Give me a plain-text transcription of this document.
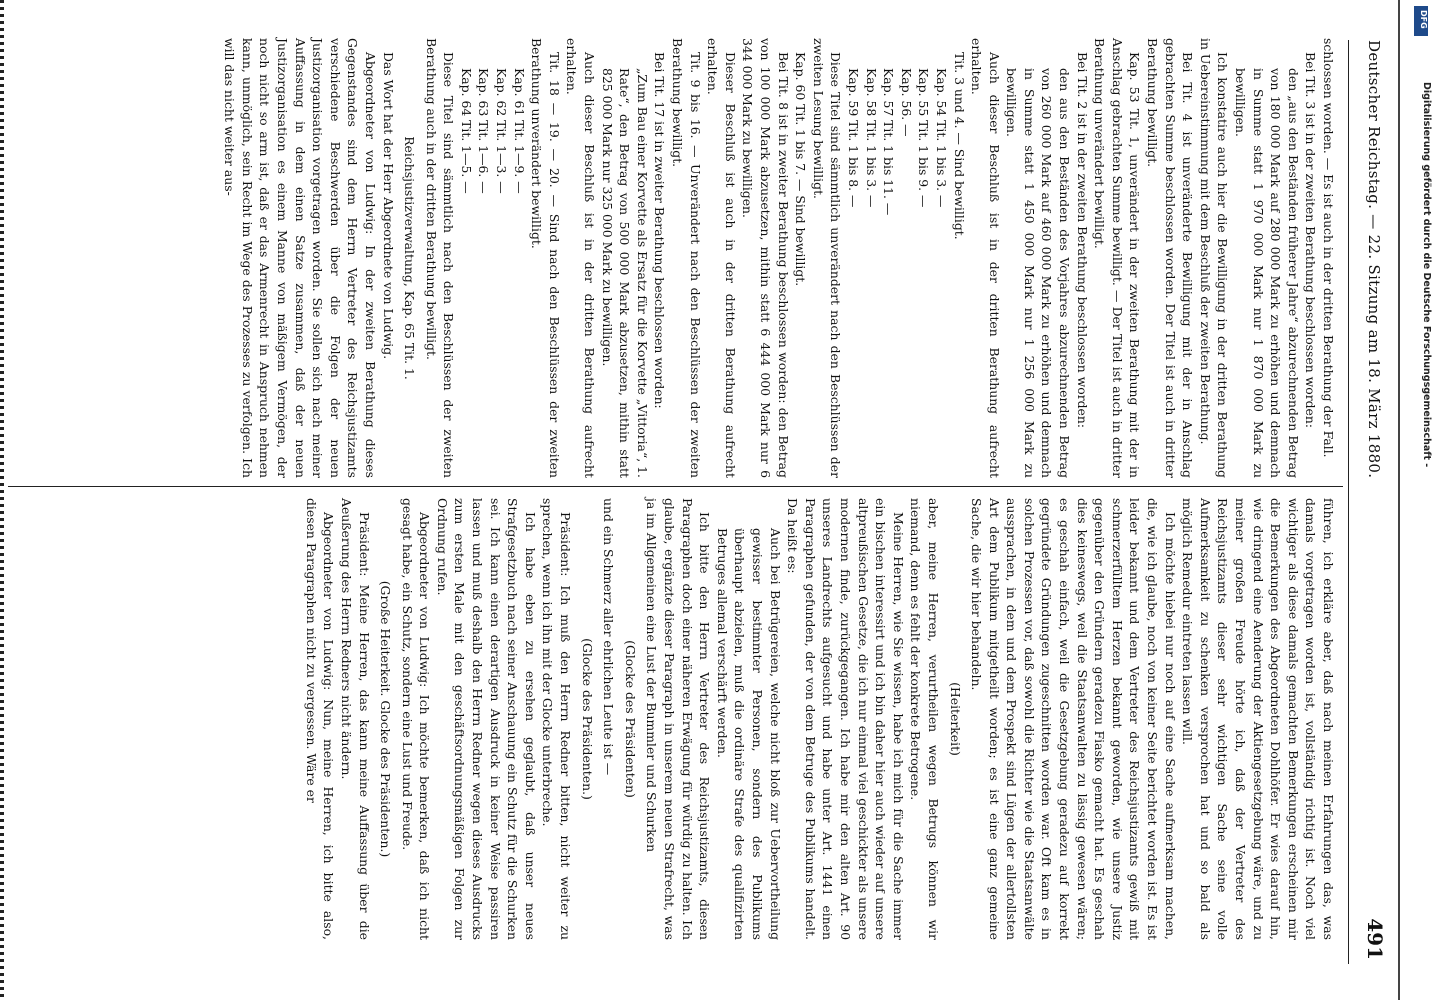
Deutscher Reichstag. — 22. Sitzung am 18. März 1880.
491

schlossen worden. — Es ist auch in der dritten Berathung der Fall.

Bei Tit. 3 ist in der zweiten Berathung beschlossen worden:

den „aus den Beständen früherer Jahre“ abzurechnenden Betrag von 180 000 Mark auf 280 000 Mark zu erhöhen und demnach in Summe statt 1 970 000 Mark nur 1 870 000 Mark zu bewilligen.

Ich konstatire auch hier die Bewilligung in der dritten Berathung in Uebereinstimmung mit dem Beschluß der zweiten Berathung.

Bei Tit. 4 ist unveränderte Bewilligung mit der in Anschlag gebrachten Summe beschlossen worden. Der Titel ist auch in dritter Berathung bewilligt.

Kap. 53 Tit. 1, unverändert in der zweiten Berathung mit der in Anschlag gebrachten Summe bewilligt. — Der Titel ist auch in dritter Berathung unverändert bewilligt.

Bei Tit. 2 ist in der zweiten Berathung beschlossen worden:

den aus den Beständen des Vorjahres abzurechnenden Betrag von 260 000 Mark auf 460 000 Mark zu erhöhen und demnach in Summe statt 1 450 000 Mark nur 1 256 000 Mark zu bewilligen.

Auch dieser Beschluß ist in der dritten Berathung aufrecht erhalten.

Tit. 3 und 4. — Sind bewilligt.

Kap. 54 Tit. 1 bis 3. —

Kap. 55 Tit. 1 bis 9. —

Kap. 56. —

Kap. 57 Tit. 1 bis 11. —

Kap. 58 Tit. 1 bis 3. —

Kap. 59 Tit. 1 bis 8. —

Diese Titel sind sämmtlich unverändert nach den Beschlüssen der zweiten Lesung bewilligt.

Kap. 60 Tit. 1 bis 7. — Sind bewilligt.

Bei Tit. 8 ist in zweiter Berathung beschlossen worden: den Betrag von 100 000 Mark abzusetzen, mithin statt 6 444 000 Mark nur 6 344 000 Mark zu bewilligen.

Dieser Beschluß ist auch in der dritten Berathung aufrecht erhalten.

Tit. 9 bis 16. — Unverändert nach den Beschlüssen der zweiten Berathung bewilligt.

Bei Tit. 17 ist in zweiter Berathung beschlossen worden:

„Zum Bau einer Korvette als Ersatz für die Korvette „Vittoria“, 1. Rate“, den Betrag von 500 000 Mark abzusetzen, mithin statt 825 000 Mark nur 325 000 Mark zu bewilligen.

Auch dieser Beschluß ist in der dritten Berathung aufrecht erhalten.

Tit. 18 — 19. — 20. — Sind nach den Beschlüssen der zweiten Berathung unverändert bewilligt.

Kap. 61 Tit. 1—9. —

Kap. 62 Tit. 1—3. —

Kap. 63 Tit. 1—6. —

Kap. 64 Tit. 1—5. —

Diese Titel sind sämmtlich nach den Beschlüssen der zweiten Berathung auch in der dritten Berathung bewilligt.

Reichsjustizverwaltung, Kap. 65 Tit. 1.

Das Wort hat der Herr Abgeordnete von Ludwig.

Abgeordneter von Ludwig: In der zweiten Berathung dieses Gegenstandes sind dem Herrn Vertreter des Reichsjustizamts verschiedene Beschwerden über die Folgen der neuen Justizorganisation vorgetragen worden. Sie sollen sich nach meiner Auffassung in dem einen Satze zusammen, daß der neuen Justizorganisation es einem Manne von mäßigem Vermögen, der noch nicht so arm ist, daß er das Armenrecht in Anspruch nehmen kann, unmöglich, sein Recht im Wege des Prozesses zu verfolgen. Ich will das nicht weiter aus-

führen, ich erkläre aber, daß nach meinen Erfahrungen das, was damals vorgetragen worden ist, vollständig richtig ist. Noch viel wichtiger als diese damals gemachten Bemerkungen erscheinen mir die Bemerkungen des Abgeordneten Dohlhöfer. Er wies darauf hin, wie dringend eine Aenderung der Aktiengesetzgebung wäre, und zu meiner großen Freude hörte ich, daß der Vertreter des Reichsjustizamts dieser sehr wichtigen Sache seine volle Aufmerksamkeit zu schenken versprochen hat und so bald als möglich Remedur eintreten lassen will.

Ich möchte hiebei nur noch auf eine Sache aufmerksam machen, die, wie ich glaube, noch von keiner Seite berichtet worden ist. Es ist leider bekannt und dem Vertreter des Reichsjustizamts gewiß mit schmerzerfülltem Herzen bekannt geworden, wie unsere Justiz gegenüber den Gründern geradezu Fiasko gemacht hat. Es geschah dies keineswegs, weil die Staatsanwalten zu lässig gewesen wären; es geschah einfach, weil die Gesetzgebung geradezu auf korrekt gegründete Gründungen zugeschnitten worden war. Oft kam es in solchen Prozessen vor, daß sowohl die Richter wie die Staatsanwälte aussprachen, in dem und dem Prospekt sind Lügen der allertollsten Art dem Publikum mitgetheilt worden; es ist eine ganz gemeine Sache, die wir hier behandeln.

(Heiterkeit)

aber, meine Herren, verurtheilen wegen Betrugs können wir niemand, denn es fehlt der konkrete Betrogene.

Meine Herren, wie Sie wissen, habe ich mich für die Sache immer ein bischen interessirt und ich bin daher hier auch wieder auf unsere altpreußischen Gesetze, die ich nur einmal viel geschickter als unsere modernen finde, zurückgegangen. Ich habe mir den alten Art. 90 unseres Landrechts aufgesucht und habe unter Art. 1441 einen Paragraphen gefunden, der von dem Betruge des Publikums handelt. Da heißt es:

Auch bei Betrügereien, welche nicht bloß zur Uebervortheilung gewisser bestimmter Personen, sondern des Publikums überhaupt abzielen, muß die ordinäre Strafe des qualifizirten Betruges allemal verschärft werden.

Ich bitte den Herrn Vertreter des Reichsjustizamts, diesen Paragraphen doch einer näheren Erwägung für würdig zu halten. Ich glaube, ergänzte dieser Paragraph in unserem neuen Strafrecht, was ja im Allgemeinen eine Lust der Bummler und Schurken

(Glocke des Präsidenten)

und ein Schmerz aller ehrlichen Leute ist —

(Glocke des Präsidenten.)

Präsident: Ich muß den Herrn Redner bitten, nicht weiter zu sprechen, wenn ich ihn mit der Glocke unterbreche.

Ich habe eben zu ersehen geglaubt, daß unser neues Strafgesetzbuch nach seiner Anschauung ein Schutz für die Schurken sei. Ich kann einen derartigen Ausdruck in keiner Weise passiren lassen und muß deshalb den Herrn Redner wegen dieses Ausdrucks zum ersten Male mit den geschäftsordnungsmäßigen Folgen zur Ordnung rufen.

Abgeordneter von Ludwig: Ich möchte bemerken, daß ich nicht gesagt habe, ein Schutz, sondern eine Lust und Freude.

(Große Heiterkeit. Glocke des Präsidenten.)

Präsident: Meine Herren, das kann meine Auffassung über die Aeußerung des Herrn Redners nicht ändern.

Abgeordneter von Ludwig: Nun, meine Herren, ich bitte also, diesen Paragraphen nicht zu vergessen. Wäre er

Digitalisierung gefördert durch die Deutsche Forschungsgemeinschaft -
DFG
